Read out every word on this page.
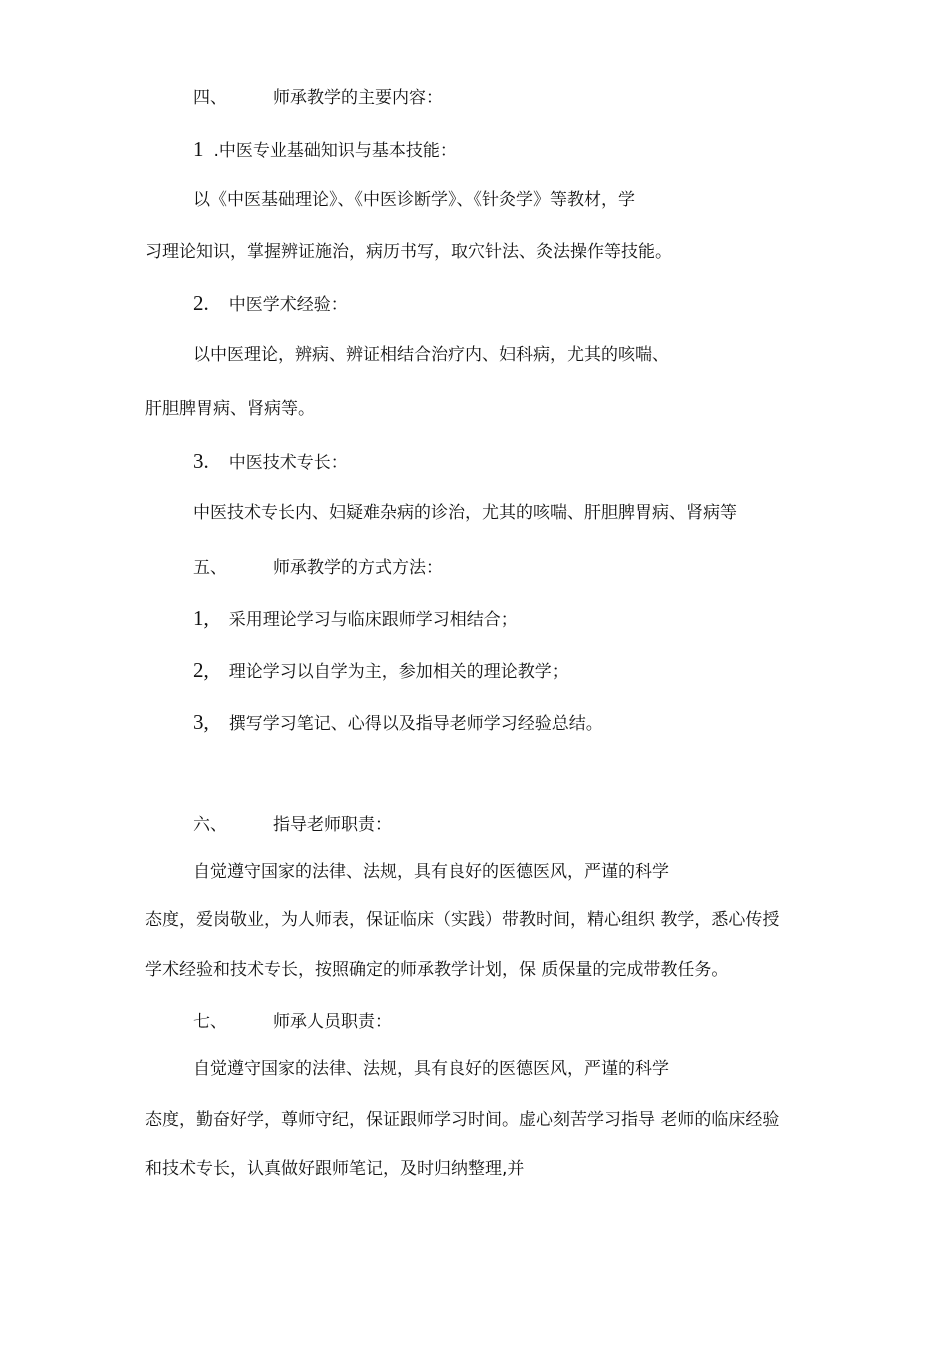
四、	师承教学的主要内容：
1 .中医专业基础知识与基本技能：
以《中医基础理论》、《中医诊断学》、《针灸学》等教材，学
习理论知识，掌握辨证施治，病历书写，取穴针法、灸法操作等技能。
2. 中医学术经验：
以中医理论，辨病、辨证相结合治疗内、妇科病，尤其的咳喘、
肝胆脾胃病、肾病等。
3. 中医技术专长：
中医技术专长内、妇疑难杂病的诊治，尤其的咳喘、肝胆脾胃病、肾病等
五、	师承教学的方式方法：
1, 采用理论学习与临床跟师学习相结合；
2, 理论学习以自学为主，参加相关的理论教学；
3, 撰写学习笔记、心得以及指导老师学习经验总结。
六、	指导老师职责：
自觉遵守国家的法律、法规，具有良好的医德医风，严谨的科学
态度，爱岗敬业，为人师表，保证临床（实践）带教时间，精心组织 教学，悉心传授
学术经验和技术专长，按照确定的师承教学计划，保 质保量的完成带教任务。
七、	师承人员职责：
自觉遵守国家的法律、法规，具有良好的医德医风，严谨的科学
态度，勤奋好学，尊师守纪，保证跟师学习时间。虚心刻苦学习指导 老师的临床经验
和技术专长，认真做好跟师笔记，及时归纳整理,并
